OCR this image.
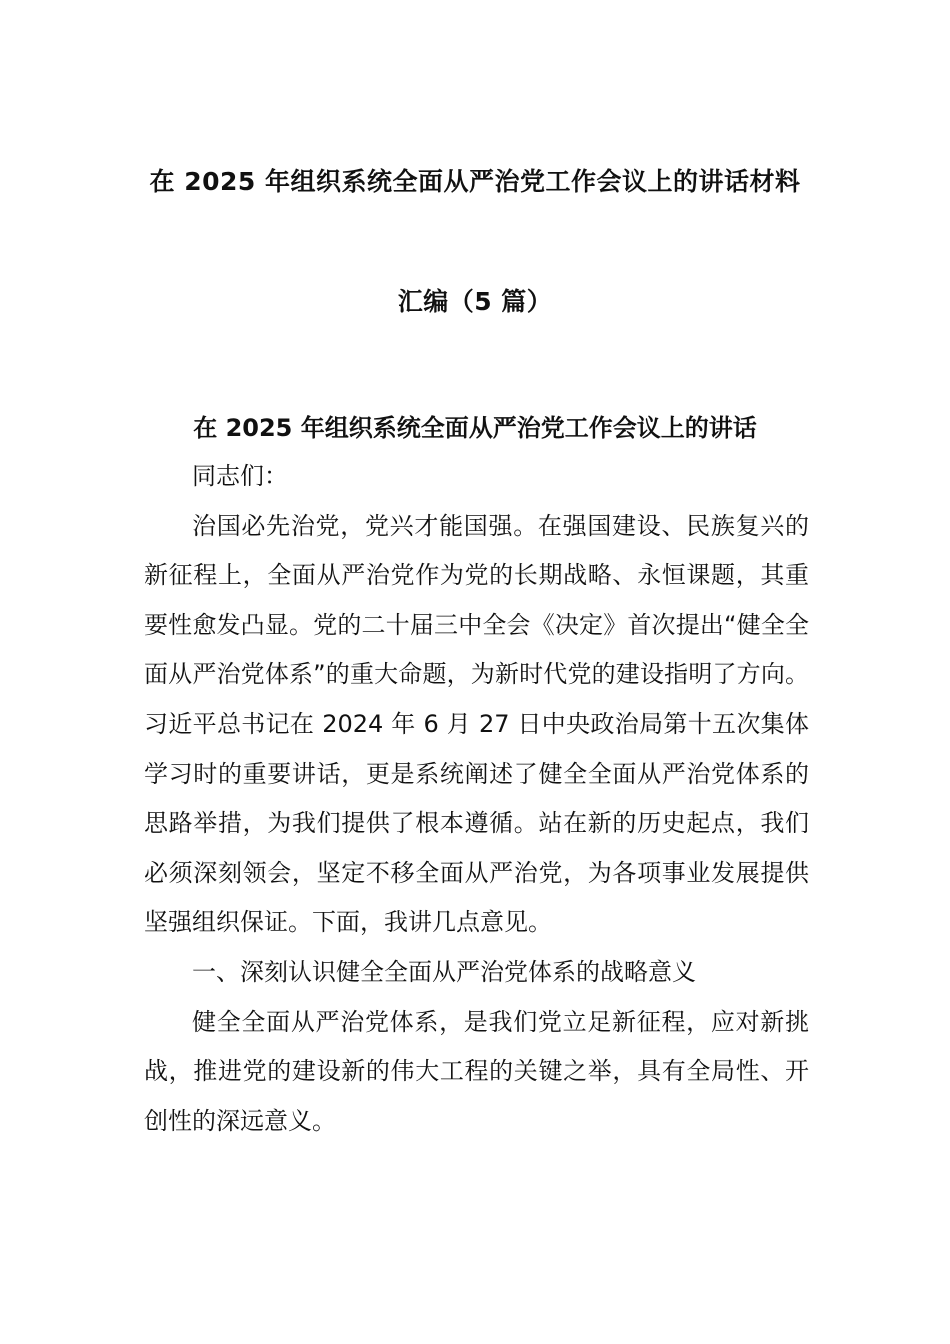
在 2025 年组织系统全面从严治党工作会议上的讲话材料
汇编（5 篇）
在 2025 年组织系统全面从严治党工作会议上的讲话

同志们：

治国必先治党，党兴才能国强。在强国建设、民族复兴的新征程上，全面从严治党作为党的长期战略、永恒课题，其重要性愈发凸显。党的二十届三中全会《决定》首次提出“健全全面从严治党体系”的重大命题，为新时代党的建设指明了方向。习近平总书记在 2024 年 6 月 27 日中央政治局第十五次集体学习时的重要讲话，更是系统阐述了健全全面从严治党体系的思路举措，为我们提供了根本遵循。站在新的历史起点，我们必须深刻领会，坚定不移全面从严治党，为各项事业发展提供坚强组织保证。下面，我讲几点意见。

一、深刻认识健全全面从严治党体系的战略意义

健全全面从严治党体系，是我们党立足新征程，应对新挑战，推进党的建设新的伟大工程的关键之举，具有全局性、开创性的深远意义。
